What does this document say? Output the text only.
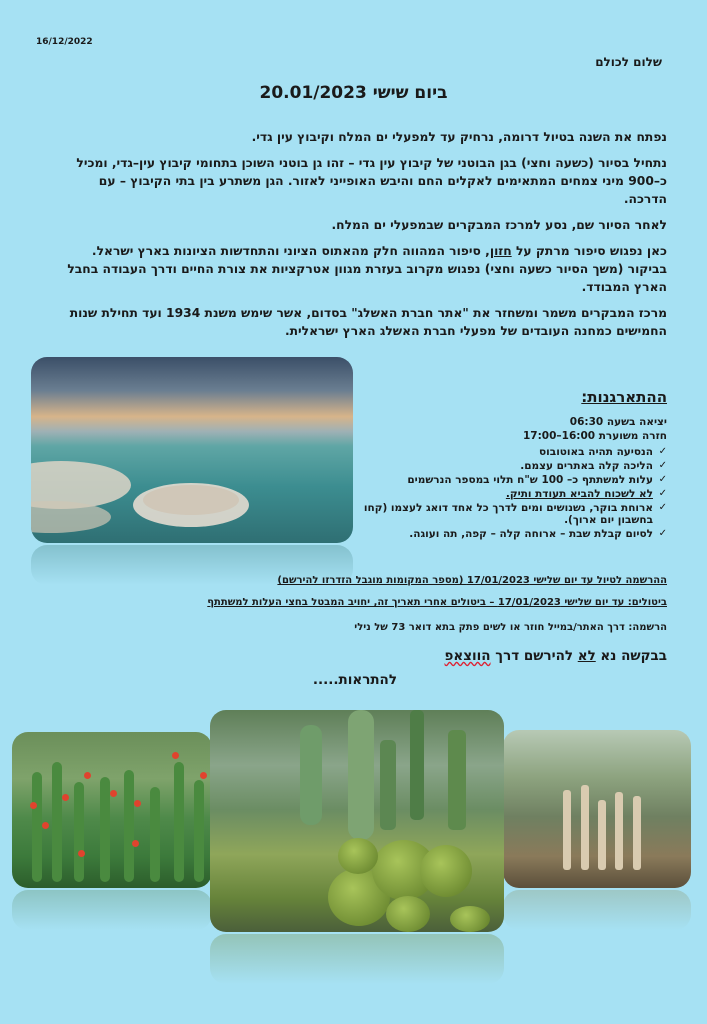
16/12/2022
שלום לכולם
ביום שישי 20.01/2023

נפתח את השנה בטיול דרומה, נרחיק עד למפעלי ים המלח וקיבוץ עין גדי.

נתחיל בסיור (כשעה וחצי) בגן הבוטני של קיבוץ עין גדי – זהו גן בוטני השוכן בתחומי קיבוץ עין–גדי, ומכיל כ–900 מיני צמחים המתאימים לאקלים החם והיבש האופייני לאזור. הגן משתרע בין בתי הקיבוץ – עם הדרכה.

לאחר הסיור שם, נסע למרכז המבקרים שבמפעלי ים המלח.

כאן נפגוש סיפור מרתק על חזון, סיפור המהווה חלק מהאתוס הציוני והתחדשות הציונות בארץ ישראל. בביקור (משך הסיור כשעה וחצי) נפגוש מקרוב בעזרת מגוון אטרקציות את צורת החיים ודרך העבודה בחבל הארץ המבודד.

מרכז המבקרים משמר ומשחזר את "אתר חברת האשלג" בסדום, אשר שימש משנת 1934 ועד תחילת שנות החמישים כמחנה העובדים של מפעלי חברת האשלג הארץ ישראלית.

ההתארגנות:
יציאה בשעה 06:30
חזרה משוערת 16:00–17:00
✓ הנסיעה תהיה באוטובוס
✓ הליכה קלה באתרים עצמם.
✓ עלות למשתתף כ– 100 ש"ח תלוי במספר הנרשמים
✓ לא לשכוח להביא תעודת ותיק.
✓ ארוחת בוקר, נשנושים ומים לדרך כל אחד דואג לעצמו (קחו בחשבון יום ארוך).
✓ לסיום קבלת שבת – ארוחה קלה – קפה, תה ועוגה.
ההרשמה לטיול עד יום שלישי 17/01/2023 (מספר המקומות מוגבל הזדרזו להירשם)
ביטולים: עד יום שלישי 17/01/2023 – ביטולים אחרי תאריך זה, יחויב המבטל בחצי העלות למשתתף
הרשמה: דרך האתר/במייל חוזר או לשים פתק בתא דואר 73 של נילי
בבקשה נא לא להירשם דרך הווצאפ
להתראות.....
